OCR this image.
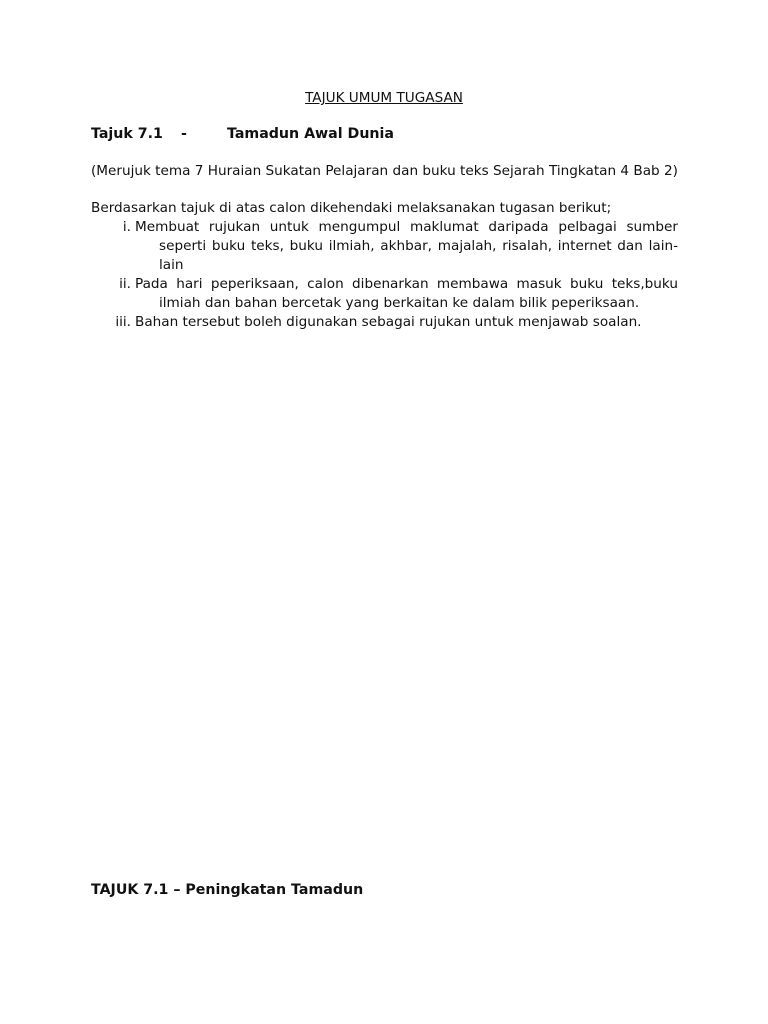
TAJUK UMUM TUGASAN
Tajuk 7.1 -	Tamadun Awal Dunia
(Merujuk tema 7 Huraian Sukatan Pelajaran dan buku teks Sejarah Tingkatan 4 Bab 2)
Berdasarkan tajuk di atas calon dikehendaki melaksanakan tugasan berikut;
i. Membuat rujukan untuk mengumpul maklumat daripada pelbagai sumber seperti buku teks, buku ilmiah, akhbar, majalah, risalah, internet dan lain-lain
ii. Pada hari peperiksaan, calon dibenarkan membawa masuk buku teks,buku ilmiah dan bahan bercetak yang berkaitan ke dalam bilik peperiksaan.
iii. Bahan tersebut boleh digunakan sebagai rujukan untuk menjawab soalan.
TAJUK 7.1 – Peningkatan Tamadun
